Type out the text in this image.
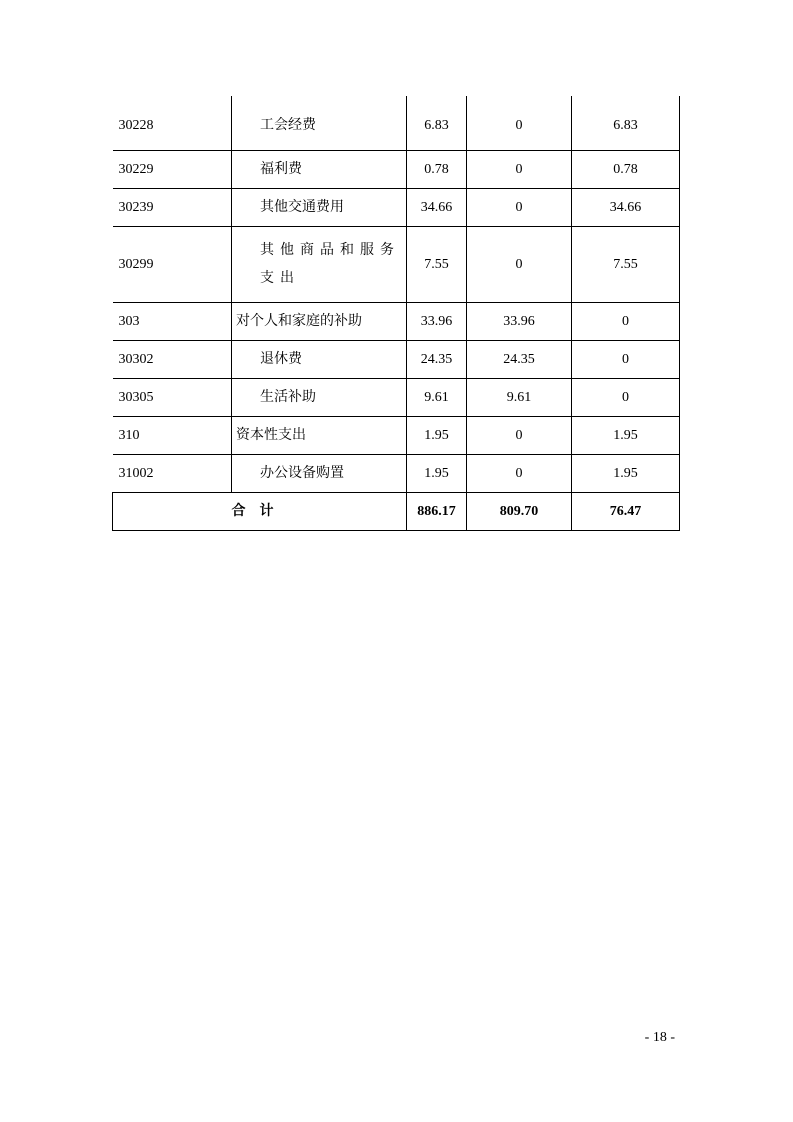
30228	工会经费	6.83	0	6.83
30229	福利费	0.78	0	0.78
30239	其他交通费用	34.66	0	34.66
30299	其他商品和服务支出	7.55	0	7.55
303	对个人和家庭的补助	33.96	33.96	0
30302	退休费	24.35	24.35	0
30305	生活补助	9.61	9.61	0
310	资本性支出	1.95	0	1.95
31002	办公设备购置	1.95	0	1.95
合计		886.17	809.70	76.47
- 18 -
